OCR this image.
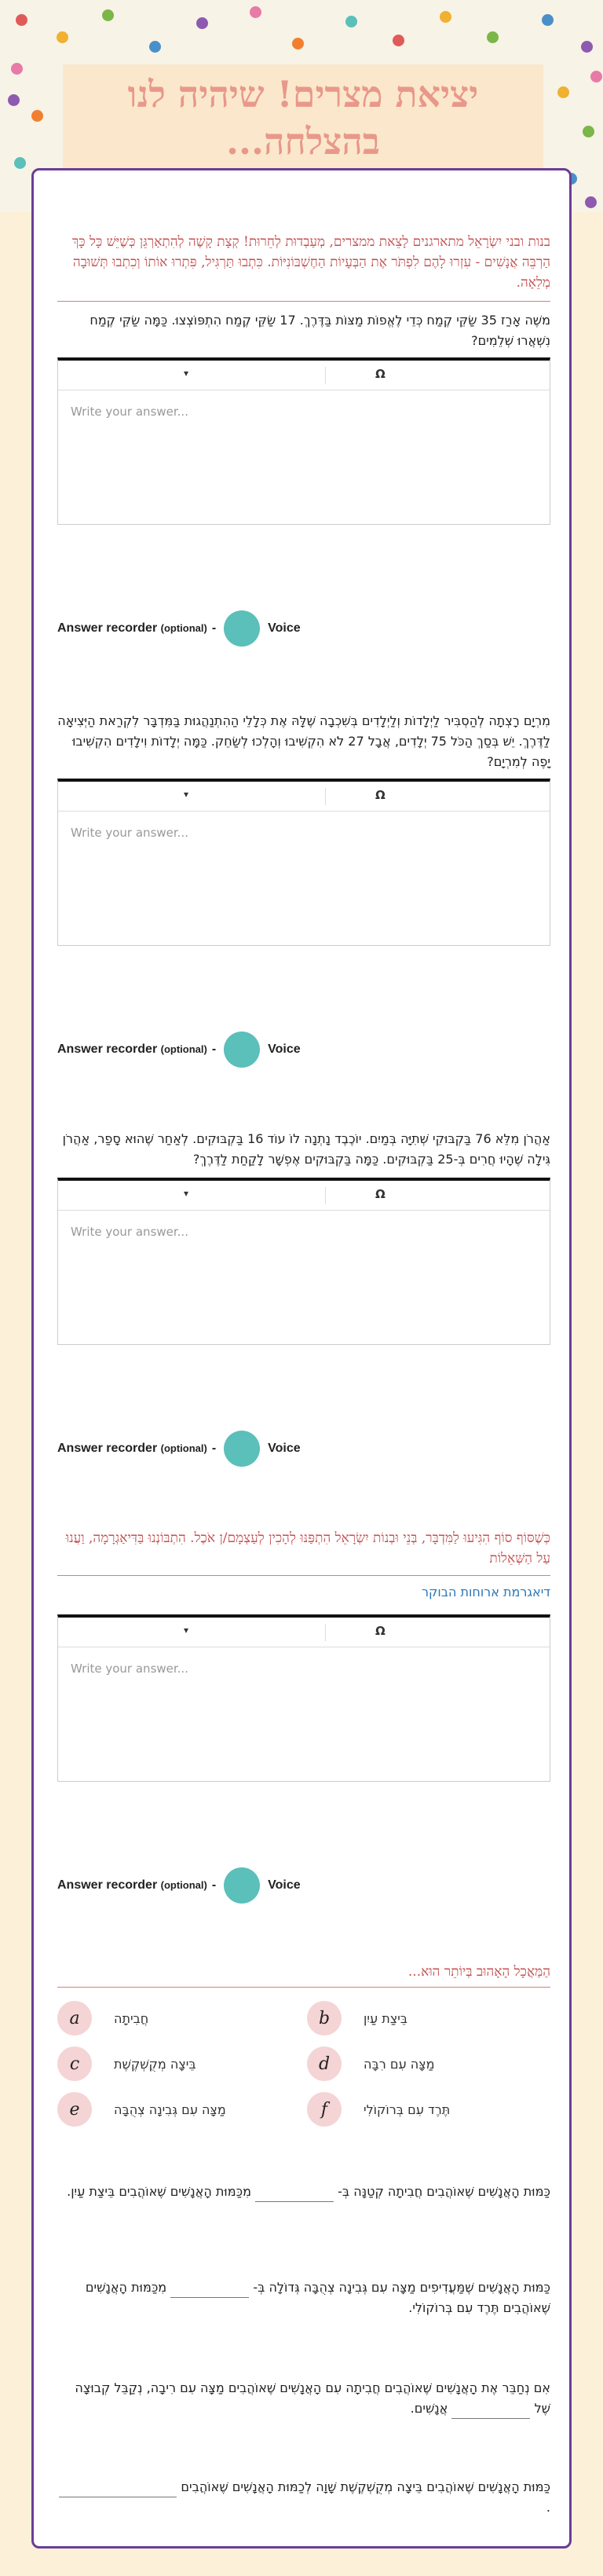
יציאת מצרים! שיהיה לנו בהצלחה...
בנות ובני יִשְׂרָאֵל מתארגנים לָצֵאת ממצרים, מְעַבְדוּת לְחֵרוּת! קְצָת קָשֶׁה לְהִתְאַרְגֵּן כְּשֶׁיֵּשׁ כָּל כָּךְ הַרְבֵּה אֲנָשִׁים - עִזְרוּ לָהֶם לִפְתֹּר אֶת הַבְּעָיוֹת הַחֶשְׁבּוֹנִיּוֹת. כִּתְבוּ תַּרְגִּיל, פִּתְרוּ אוֹתוֹ וְכִתְבוּ תְּשׁוּבָה מְלֵאָה.
משֶׁה אָרַז 35 שַׂקֵּי קֶמַח כְּדֵי לֶאֱפוֹת מַצּוֹת בַּדֶּרֶךְ. 17 שַׂקֵּי קֶמַח הִתְפּוֹצְצוּ. כַּמָּה שַׂקֵּי קֶמַח נִשְׁאֲרוּ שְׁלֵמִים?
▾	Ω
Write your answer...
Answer recorder (optional) -	Voice
מִרְיָם רָצְתָה לְהַסְבִּיר לַיְלָדוֹת וְלַיְלָדִים בְּשִׁכְבָה שֶׁלָּהּ אֶת כְּלָלֵי הַהִתְנַהֲגוּת בַּמִּדְבָּר לִקְרַאת הַיְּצִיאָה לַדֶּרֶךְ. יֵשׁ בְּסַךְ הַכֹּל 75 יְלָדִים, אֲבָל 27 לֹא הִקְשִׁיבוּ וְהָלְכוּ לְשַׂחֵק. כַּמָּה יְלָדוֹת וִילָדִים הִקְשִׁיבוּ יָפֶה לְמִרְיָם?
▾	Ω
Write your answer...
Answer recorder (optional) -	Voice
אַהֲרֹן מִלֵּא 76 בַּקְבּוּקֵי שְׁתִיָּה בְּמַיִם. יוֹכֶבֶד נָתְנָה לוֹ עוֹד 16 בַּקְבּוּקִים. לְאַחַר שֶׁהוּא סָפַר, אַהֲרֹן גִּילָה שֶׁהָיוּ חֲרִים בְּ-25 בַּקְבּוּקִים. כַּמָּה בַּקְבּוּקִים אֶפְשָׁר לָקַחַת לַדֶּרֶךְ?
▾	Ω
Write your answer...
Answer recorder (optional) -	Voice
כְּשֶׁסּוֹף סוֹף הִגִּיעוּ לַמִּדְבָּר, בְּנֵי וּבְנוֹת יִשְׂרָאֵל הִתְפַּנּוּ לְהָכִין לְעַצְמָם/ן אֹכֶל. הִתְבּוֹנְנוּ בַּדִּיאַגְרָמָה, וַעֲנוּ עַל הַשְּׁאֵלוֹת
דיאגרמת ארוחות הבוקר
▾	Ω
Write your answer...
Answer recorder (optional) -	Voice
הַמַּאֲכָל הָאָהוּב בְּיוֹתֵר הוּא...
a	חֲבִיתָה	b	בֵּיצַת עַיִן
c	בֵּיצָה מְקֻשְׁקֶשֶׁת	d	מַצָּה עִם רִבָּה
e	מַצָּה עִם גְּבִינָה צְהֻבָּה	f	תֶּרֶד עִם בְּרוֹקוֹלִי
כַּמּוּת הָאֲנָשִׁים שֶׁאוֹהֲבִים חֲבִיתָה קְטַנָּה בְּ-  מִכַּמּוּת הָאֲנָשִׁים שֶׁאוֹהֲבִים בֵּיצַת עַיִן.
כַּמּוּת הָאֲנָשִׁים שֶׁמַּעֲדִיפִים מַצָּה עִם גְּבִינָה צְהֻבָּה גְּדוֹלָה בְּ-  מִכַּמּוּת הָאֲנָשִׁים שֶׁאוֹהֲבִים תֶּרֶד עִם בְּרוֹקוֹלִי.
אִם נְחַבֵּר אֶת הָאֲנָשִׁים שֶׁאוֹהֲבִים חֲבִיתָה עִם הָאֲנָשִׁים שֶׁאוֹהֲבִים מַצָּה עִם רִיבָה, נְקַבֵּל קְבוּצָה שֶׁל  אֲנָשִׁים.
כַּמּוּת הָאֲנָשִׁים שֶׁאוֹהֲבִים בֵּיצָה מְקֻשְׁקֶשֶׁת שָׁוָה לְכַמּוּת הָאֲנָשִׁים שֶׁאוֹהֲבִים  .
